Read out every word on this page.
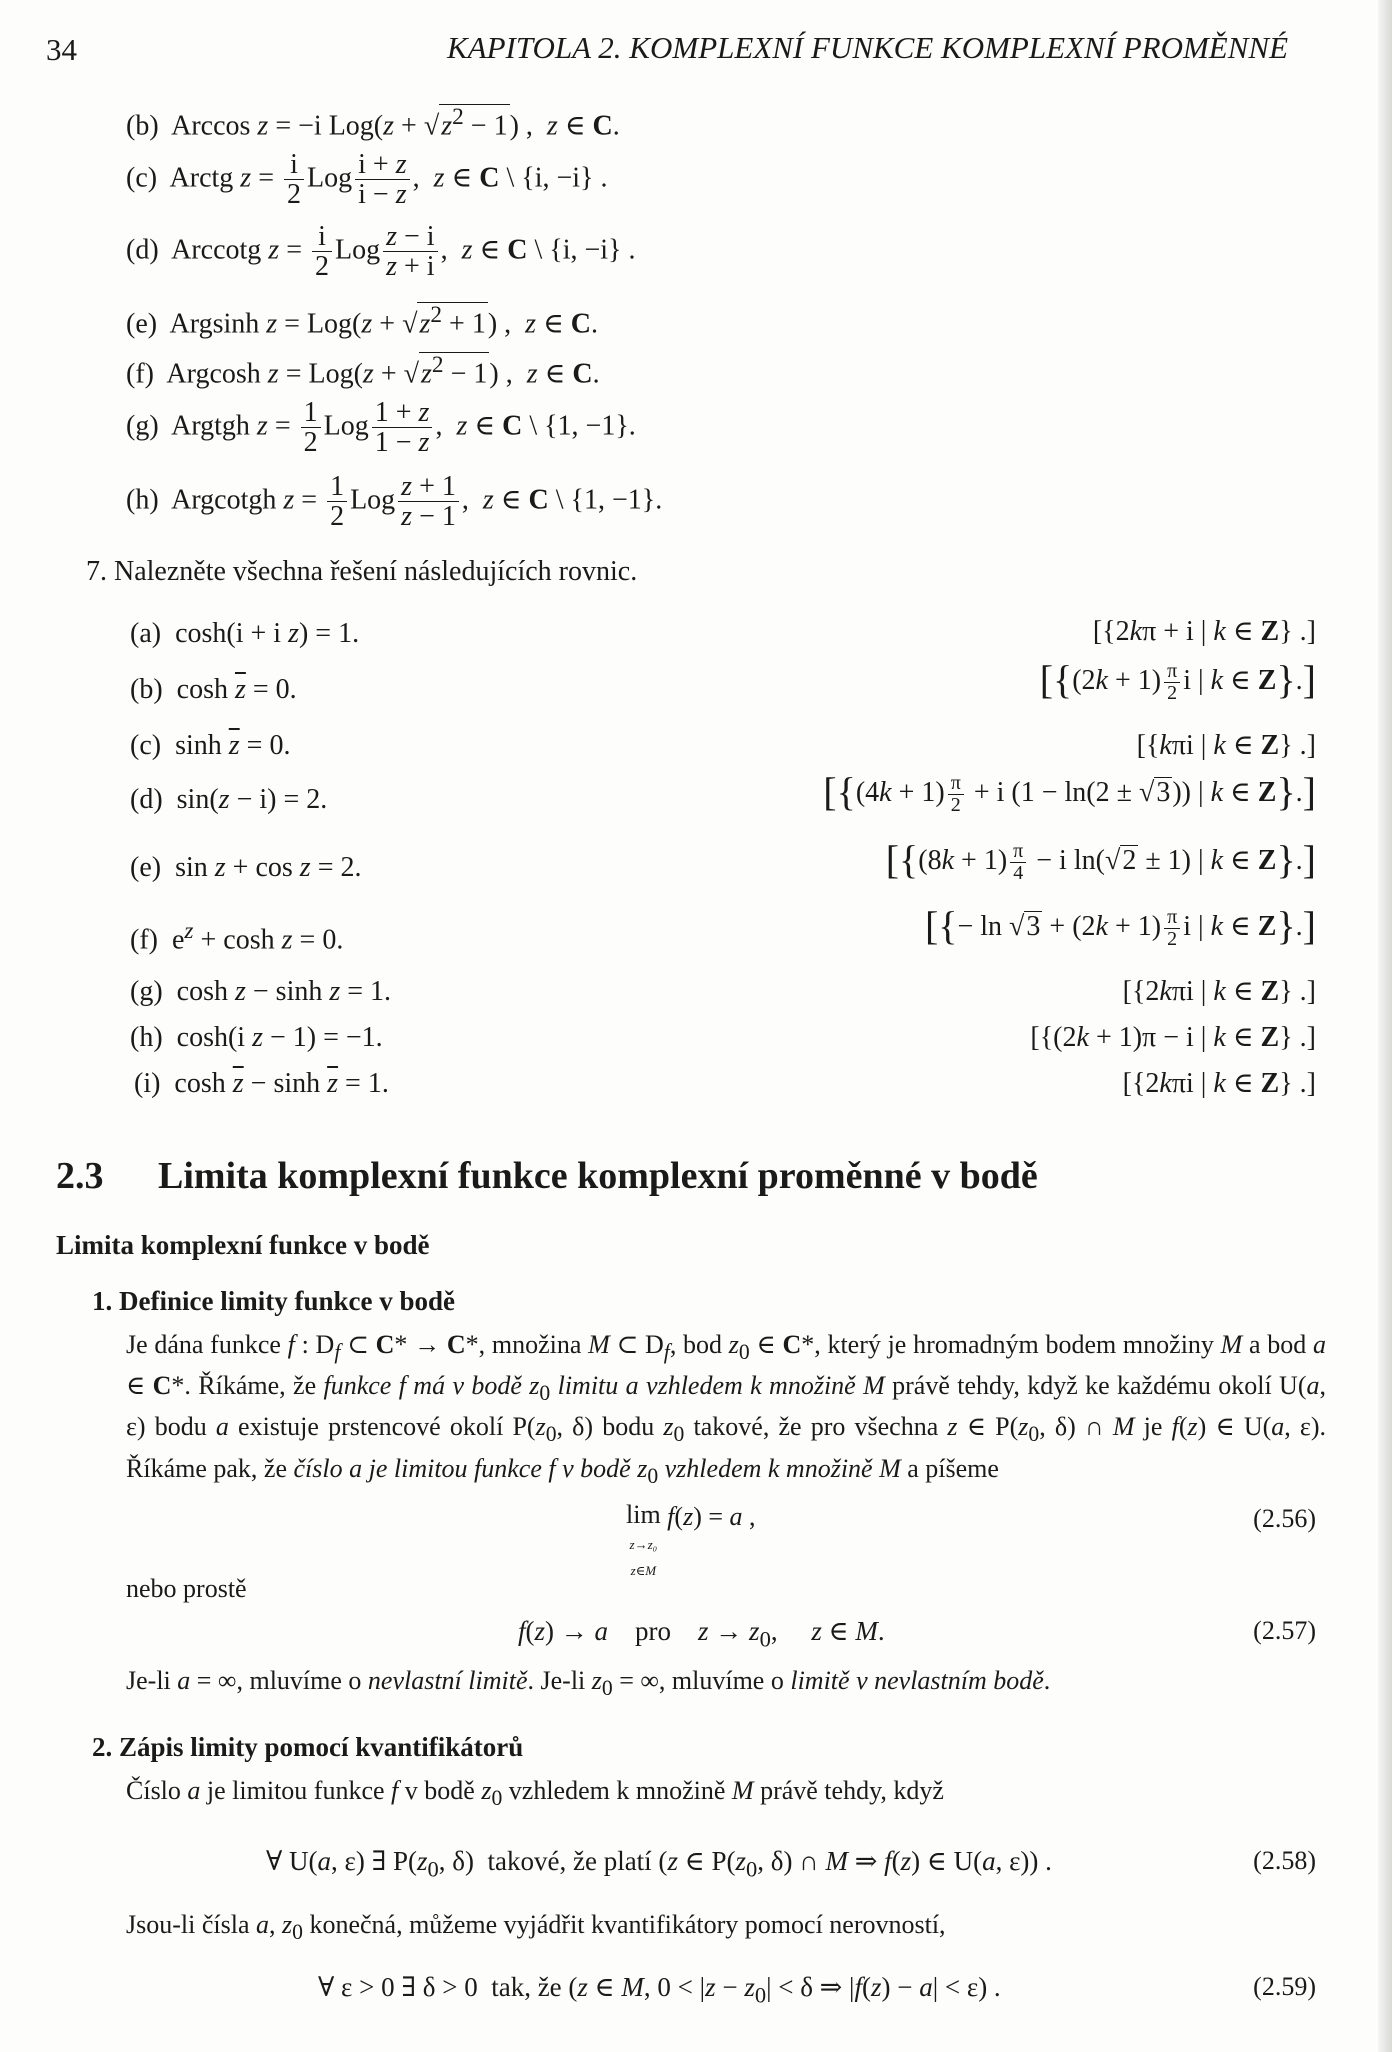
34	KAPITOLA 2. KOMPLEXNÍ FUNKCE KOMPLEXNÍ PROMĚNNÉ
(b)  Arccos z = −i $Log(z + √z^2 - 1)$ ,  z ∈ C.
(c)  Arctg $z = \frac{i}{2}$ Log $\frac{i + z}{i - z}$ ,  z ∈ C \ {i, −i} .
(d)  Arccotg $z = \frac{i}{2}$ Log $\frac{z - i}{z + i}$ ,  z ∈ C \ {i, −i} .
(e)  Argsinh $z = Log(z + √z^2 + 1)$ ,  z ∈ C.
(f)  Argcosh $z = Log(z + √z^2 - 1)$ ,  z ∈ C.
(g)  Argtgh $z = \frac{1}{2}$ Log $\frac{1 + z}{1 - z}$ ,  z ∈ C \ {1, −1}.
(h)  Argcotgh $z = \frac{1}{2}$ Log $\frac{z + 1}{z - 1}$ ,  z ∈ C \ {1, −1}.
7. Nalezněte všechna řešení následujících rovnic.
(a)  cosh(i + i z) = 1.	[{2kπ + i | k ∈ Z} .]
(b)  $\cosh \overline{z} = 0$.	[{$(2k + 1) \frac{\pi}{2}$ i | k ∈ Z}.]
(c)  $\sinh \overline{z} = 0$.	[{kπi | k ∈ Z} .]
(d)  sin(z − i) = 2.	[{$(4k + 1) \frac{\pi}{2} + i$ (1 − ln(2 ± √3)) | k ∈ Z}.]
(e)  sin z + cos z = 2.	[{$(8k + 1) \frac{\pi}{4} - i$ ln(√2 ± 1) | k ∈ Z}.]
(f)  $e^z + \cosh z = 0$.	[{− $\ln √3 + (2k + 1) \frac{\pi}{2}$ i | k ∈ Z}.]
(g)  cosh z − sinh z = 1.	[{2kπi | k ∈ Z} .]
(h)  cosh(i z − 1) = −1.	[{(2k + 1)π − i | k ∈ Z} .]
(i)  $\cosh \overline{z} - \sinh \overline{z} = 1$.	[{2kπi | k ∈ Z} .]
2.3 Limita komplexní funkce komplexní proměnné v bodě
Limita komplexní funkce v bodě
1. Definice limity funkce v bodě
Je dána funkce f : $D_f$ ⊂ C* → C*, množina M ⊂ $D_f$, bod $z_0$ ∈ C*, který je hromadným bodem množiny M a bod a ∈ C*. Říkáme, že funkce f má v bodě $z_0$ limitu a vzhledem k množině M právě tehdy, když ke každému okolí U(a, ε) bodu a existuje prstencové okolí $P(z_0$, δ) bodu $z_0$ takové, že pro všechna z ∈ $P(z_0$, δ) ∩ M je f(z) ∈ U(a, ε). Říkáme pak, že číslo a je limitou funkce f v bodě $z_0$ vzhledem k množině M a píšeme
lim
z→z₀
z∈M f(z) = a ,	(2.56)
nebo prostě
f(z) → a    pro    $z \to z_0$,     z ∈ M.	(2.57)
Je-li a = ∞, mluvíme o nevlastní limitě. Je-li $z_0$ = ∞, mluvíme o limitě v nevlastním bodě.
2. Zápis limity pomocí kvantifikátorů
Číslo a je limitou funkce f v bodě $z_0$ vzhledem k množině M právě tehdy, když
∀ U(a, ε) ∃ $P(z_0$, δ)  takové, že platí (z ∈ $P(z_0$, δ) ∩ M ⇒ f(z) ∈ U(a, ε)) .	(2.58)
Jsou-li čísla a, $z_0$ konečná, můžeme vyjádřit kvantifikátory pomocí nerovností,
∀ ε > 0 ∃ δ > 0  tak, že (z ∈ M, $0 < |z - z_0| < \delta$ ⇒ |f(z) − a| < ε) .	(2.59)
